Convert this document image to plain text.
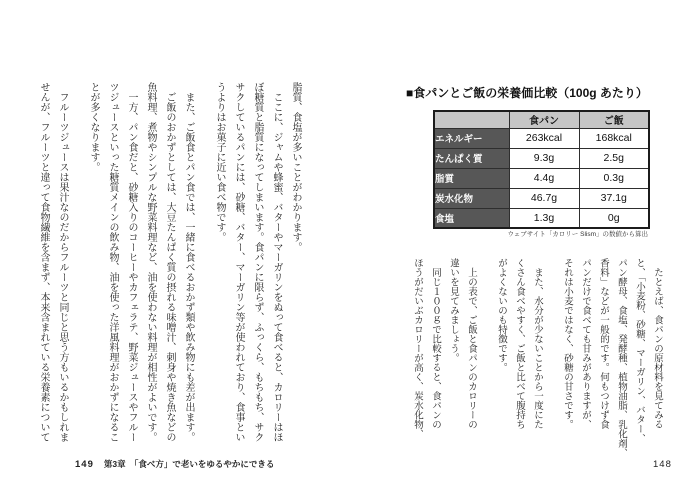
脂質、食塩が多いことがわかります。
　ここに、ジャムや蜂蜜、バターやマーガリンをぬって食べると、カロリーはほ
ぼ糖質と脂質になってしまいます。食パンに限らず、ふっくら、もちもち、サク
サクしているパンには、砂糖、バター、マーガリン等が使われており、食事とい
うよりはお菓子に近い食べ物です。
　また、ご飯食とパン食では、一緒に食べるおかず類や飲み物にも差が出ます。
　ご飯のおかずとしては、大豆たんぱく質の摂れる味噌汁、刺身や焼き魚などの
魚料理、煮物やシンプルな野菜料理など、油を使わない料理が相性がよいです。
　一方、パン食だと、砂糖入りのコーヒーやカフェラテ、野菜ジュースやフルー
ツジュースといった糖質メインの飲み物、油を使った洋風料理がおかずになるこ
とが多くなります。
　フルーツジュースは果汁なのだからフルーツと同じと思う方もいるかもしれま
せんが、フルーツと違って食物繊維を含まず、本来含まれている栄養素について
149 第3章　「食べ方」で老いをゆるやかにできる
■食パンとご飯の栄養価比較（100g あたり）
	食パン	ご飯
エネルギー	263kcal	168kcal
たんぱく質	9.3g	2.5g
脂質	4.4g	0.3g
炭水化物	46.7g	37.1g
食塩	1.3g	0g
ウェブサイト「カロリー Slism」の数値から算出
　たとえば、食パンの原材料を見てみる
と、「小麦粉、砂糖、マーガリン、バター、
パン酵母、食塩、発酵種、植物油脂、乳化剤、
香料」などが一般的です。何もつけず食
パンだけで食べても甘みがありますが、
それは小麦ではなく、砂糖の甘さです。
　また、水分が少ないことから一度にた
くさん食べやすく、ご飯と比べて腹持ち
がよくないのも特徴です。
　上の表で、ご飯と食パンのカロリーの
違いを見てみましょう。
　同じ１００ｇで比較すると、食パンの
ほうがだいぶカロリーが高く、炭水化物、
148
